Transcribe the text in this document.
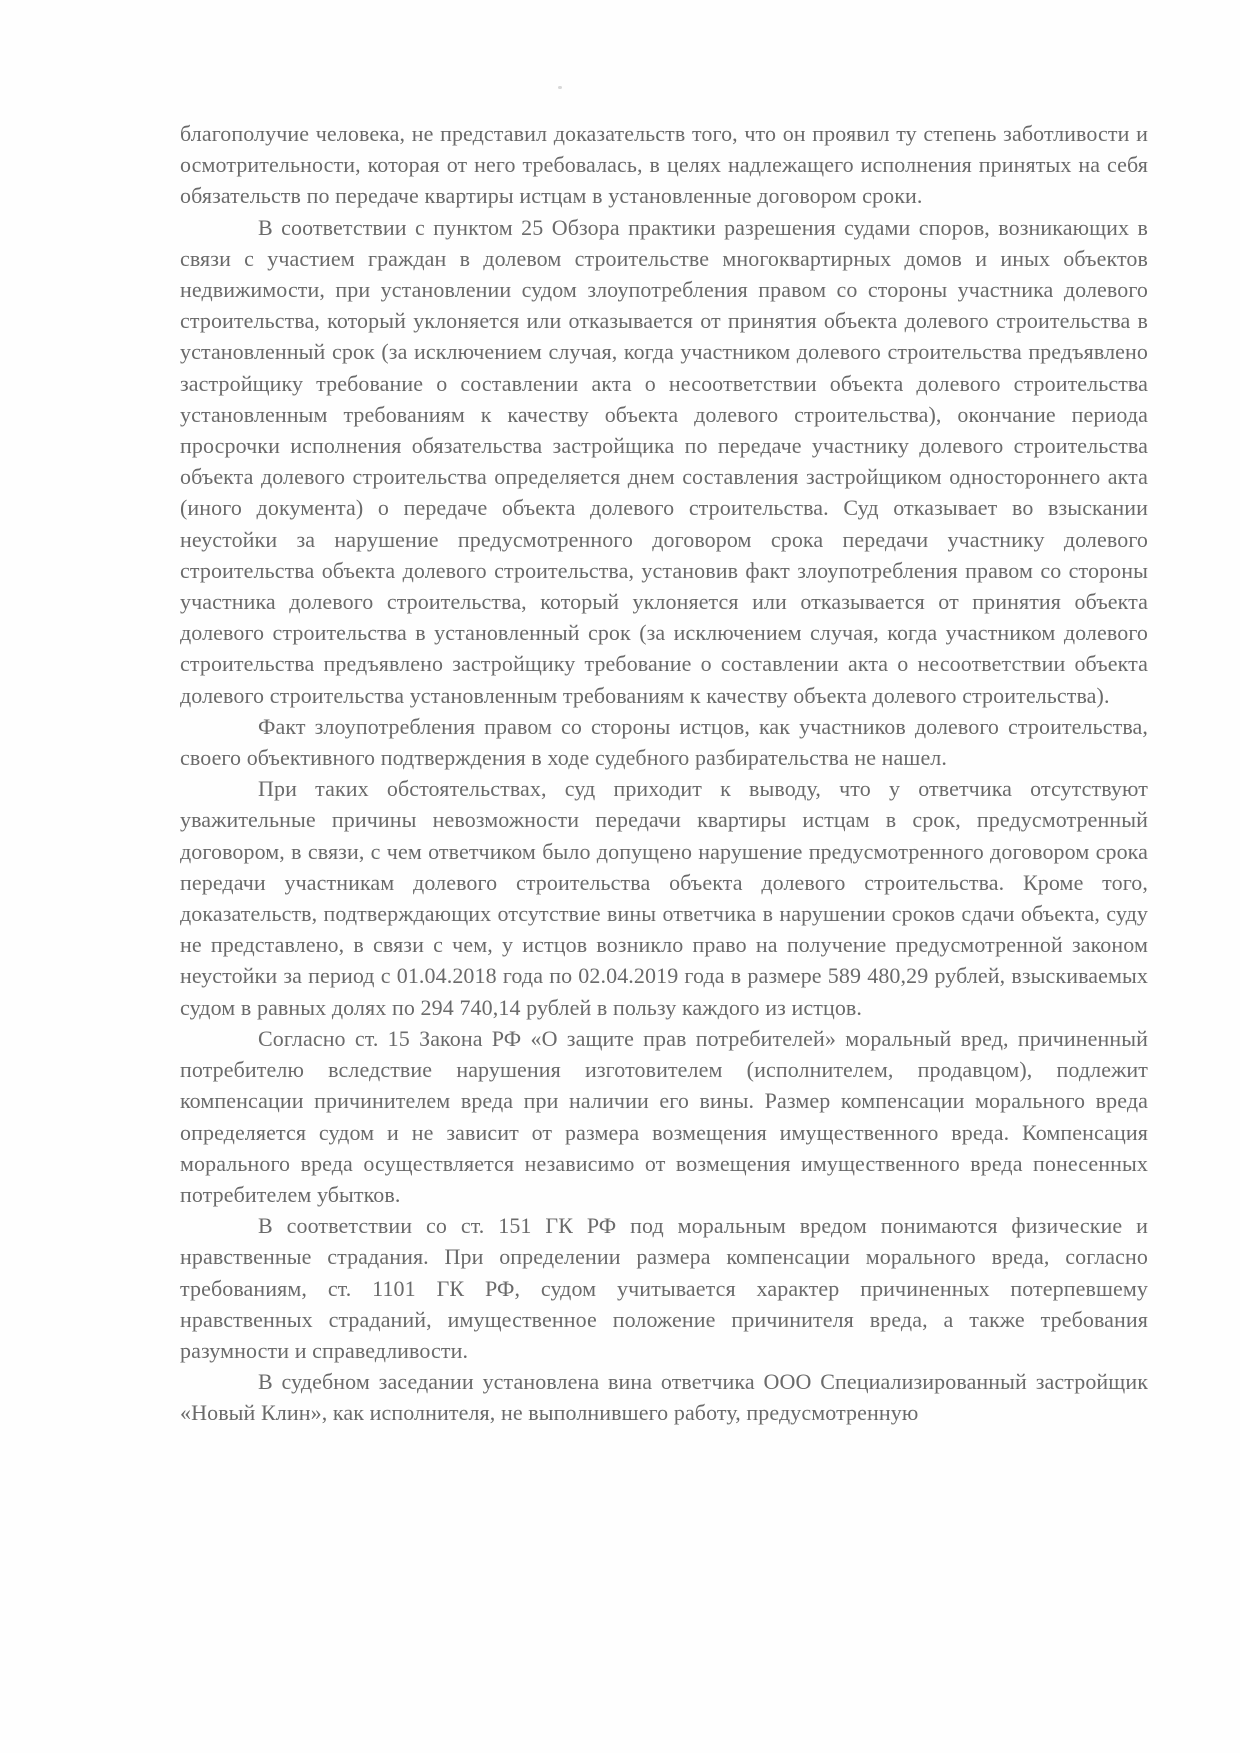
благополучие человека, не представил доказательств того, что он проявил ту степень заботливости и осмотрительности, которая от него требовалась, в целях надлежащего исполнения принятых на себя обязательств по передаче квартиры истцам в установленные договором сроки.

В соответствии с пунктом 25 Обзора практики разрешения судами споров, возникающих в связи с участием граждан в долевом строительстве многоквартирных домов и иных объектов недвижимости, при установлении судом злоупотребления правом со стороны участника долевого строительства, который уклоняется или отказывается от принятия объекта долевого строительства в установленный срок (за исключением случая, когда участником долевого строительства предъявлено застройщику требование о составлении акта о несоответствии объекта долевого строительства установленным требованиям к качеству объекта долевого строительства), окончание периода просрочки исполнения обязательства застройщика по передаче участнику долевого строительства объекта долевого строительства определяется днем составления застройщиком одностороннего акта (иного документа) о передаче объекта долевого строительства. Суд отказывает во взыскании неустойки за нарушение предусмотренного договором срока передачи участнику долевого строительства объекта долевого строительства, установив факт злоупотребления правом со стороны участника долевого строительства, который уклоняется или отказывается от принятия объекта долевого строительства в установленный срок (за исключением случая, когда участником долевого строительства предъявлено застройщику требование о составлении акта о несоответствии объекта долевого строительства установленным требованиям к качеству объекта долевого строительства).

Факт злоупотребления правом со стороны истцов, как участников долевого строительства, своего объективного подтверждения в ходе судебного разбирательства не нашел.

При таких обстоятельствах, суд приходит к выводу, что у ответчика отсутствуют уважительные причины невозможности передачи квартиры истцам в срок, предусмотренный договором, в связи, с чем ответчиком было допущено нарушение предусмотренного договором срока передачи участникам долевого строительства объекта долевого строительства. Кроме того, доказательств, подтверждающих отсутствие вины ответчика в нарушении сроков сдачи объекта, суду не представлено, в связи с чем, у истцов возникло право на получение предусмотренной законом неустойки за период с 01.04.2018 года по 02.04.2019 года в размере 589 480,29 рублей, взыскиваемых судом в равных долях по 294 740,14 рублей в пользу каждого из истцов.

Согласно ст. 15 Закона РФ «О защите прав потребителей» моральный вред, причиненный потребителю вследствие нарушения изготовителем (исполнителем, продавцом), подлежит компенсации причинителем вреда при наличии его вины. Размер компенсации морального вреда определяется судом и не зависит от размера возмещения имущественного вреда. Компенсация морального вреда осуществляется независимо от возмещения имущественного вреда понесенных потребителем убытков.

В соответствии со ст. 151 ГК РФ под моральным вредом понимаются физические и нравственные страдания. При определении размера компенсации морального вреда, согласно требованиям, ст. 1101 ГК РФ, судом учитывается характер причиненных потерпевшему нравственных страданий, имущественное положение причинителя вреда, а также требования разумности и справедливости.

В судебном заседании установлена вина ответчика ООО Специализированный застройщик «Новый Клин», как исполнителя, не выполнившего работу, предусмотренную
